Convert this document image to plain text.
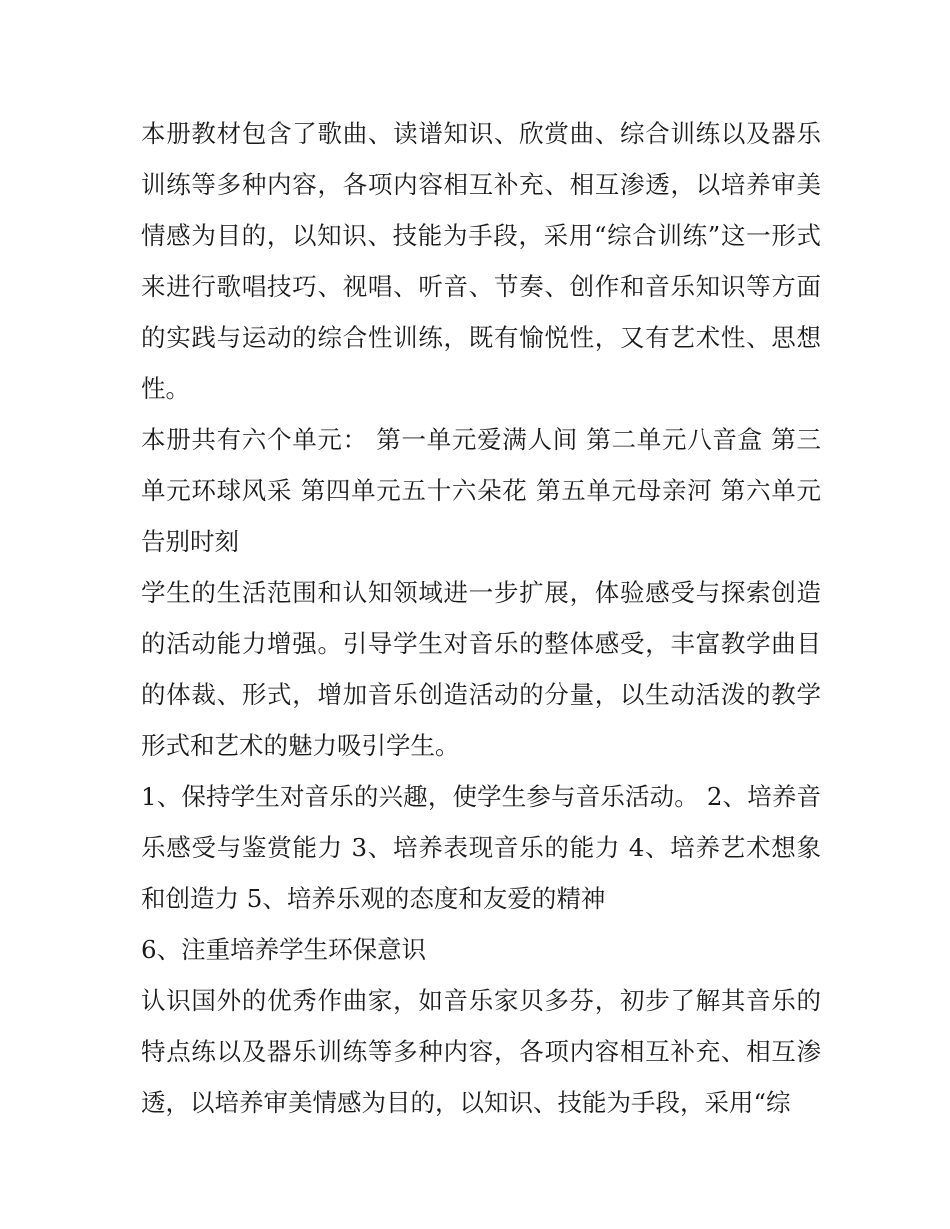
本册教材包含了歌曲、读谱知识、欣赏曲、综合训练以及器乐训练等多种内容，各项内容相互补充、相互渗透，以培养审美情感为目的，以知识、技能为手段，采用“综合训练”这一形式来进行歌唱技巧、视唱、听音、节奏、创作和音乐知识等方面的实践与运动的综合性训练，既有愉悦性，又有艺术性、思想性。

本册共有六个单元： 第一单元爱满人间 第二单元八音盒 第三单元环球风采 第四单元五十六朵花 第五单元母亲河 第六单元告别时刻

学生的生活范围和认知领域进一步扩展，体验感受与探索创造的活动能力增强。引导学生对音乐的整体感受，丰富教学曲目的体裁、形式，增加音乐创造活动的分量，以生动活泼的教学形式和艺术的魅力吸引学生。

1、保持学生对音乐的兴趣，使学生参与音乐活动。 2、培养音乐感受与鉴赏能力 3、培养表现音乐的能力 4、培养艺术想象和创造力 5、培养乐观的态度和友爱的精神

6、注重培养学生环保意识

认识国外的优秀作曲家，如音乐家贝多芬，初步了解其音乐的特点练以及器乐训练等多种内容，各项内容相互补充、相互渗透，以培养审美情感为目的，以知识、技能为手段，采用“综
